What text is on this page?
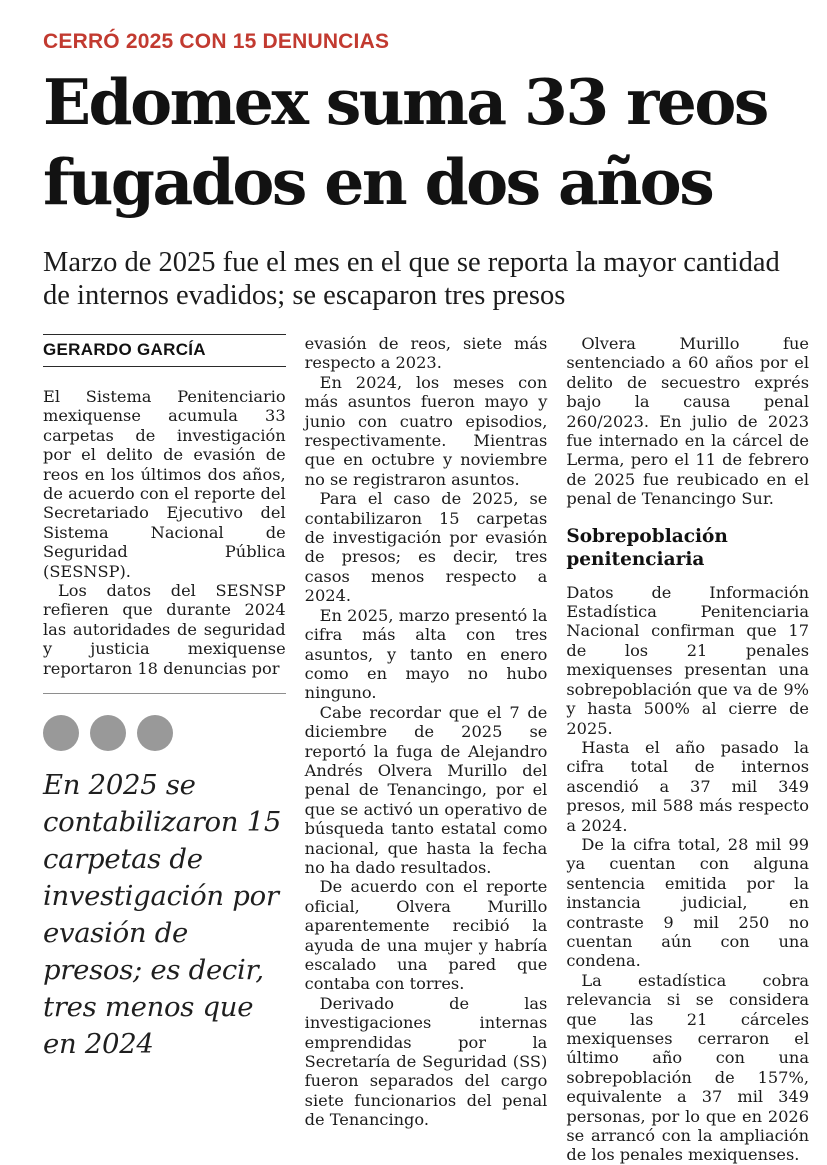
CERRÓ 2025 CON 15 DENUNCIAS
Edomex suma 33 reos fugados en dos años

Marzo de 2025 fue el mes en el que se reporta la mayor cantidad de internos evadidos; se escaparon tres presos

GERARDO GARCÍA

El Sistema Penitenciario mexiquense acumula 33 carpetas de investigación por el delito de evasión de reos en los últimos dos años, de acuerdo con el reporte del Secretariado Ejecutivo del Sistema Nacional de Seguridad Pública (SESNSP).

Los datos del SESNSP refieren que durante 2024 las autoridades de seguridad y justicia mexiquense reportaron 18 denuncias por

En 2025 se contabilizaron 15 carpetas de investigación por evasión de presos; es decir, tres menos que en 2024

evasión de reos, siete más respecto a 2023.

En 2024, los meses con más asuntos fueron mayo y junio con cuatro episodios, respectivamente. Mientras que en octubre y noviembre no se registraron asuntos.

Para el caso de 2025, se contabilizaron 15 carpetas de investigación por evasión de presos; es decir, tres casos menos respecto a 2024.

En 2025, marzo presentó la cifra más alta con tres asuntos, y tanto en enero como en mayo no hubo ninguno.

Cabe recordar que el 7 de diciembre de 2025 se reportó la fuga de Alejandro Andrés Olvera Murillo del penal de Tenancingo, por el que se activó un operativo de búsqueda tanto estatal como nacional, que hasta la fecha no ha dado resultados.

De acuerdo con el reporte oficial, Olvera Murillo aparentemente recibió la ayuda de una mujer y habría escalado una pared que contaba con torres.

Derivado de las investigaciones internas emprendidas por la Secretaría de Seguridad (SS) fueron separados del cargo siete funcionarios del penal de Tenancingo.

Olvera Murillo fue sentenciado a 60 años por el delito de secuestro exprés bajo la causa penal 260/2023. En julio de 2023 fue internado en la cárcel de Lerma, pero el 11 de febrero de 2025 fue reubicado en el penal de Tenancingo Sur.

Sobrepoblación penitenciaria

Datos de Información Estadística Penitenciaria Nacional confirman que 17 de los 21 penales mexiquenses presentan una sobrepoblación que va de 9% y hasta 500% al cierre de 2025.

Hasta el año pasado la cifra total de internos ascendió a 37 mil 349 presos, mil 588 más respecto a 2024.

De la cifra total, 28 mil 99 ya cuentan con alguna sentencia emitida por la instancia judicial, en contraste 9 mil 250 no cuentan aún con una condena.

La estadística cobra relevancia si se considera que las 21 cárceles mexiquenses cerraron el último año con una sobrepoblación de 157%, equivalente a 37 mil 349 personas, por lo que en 2026 se arrancó con la ampliación de los penales mexiquenses.
